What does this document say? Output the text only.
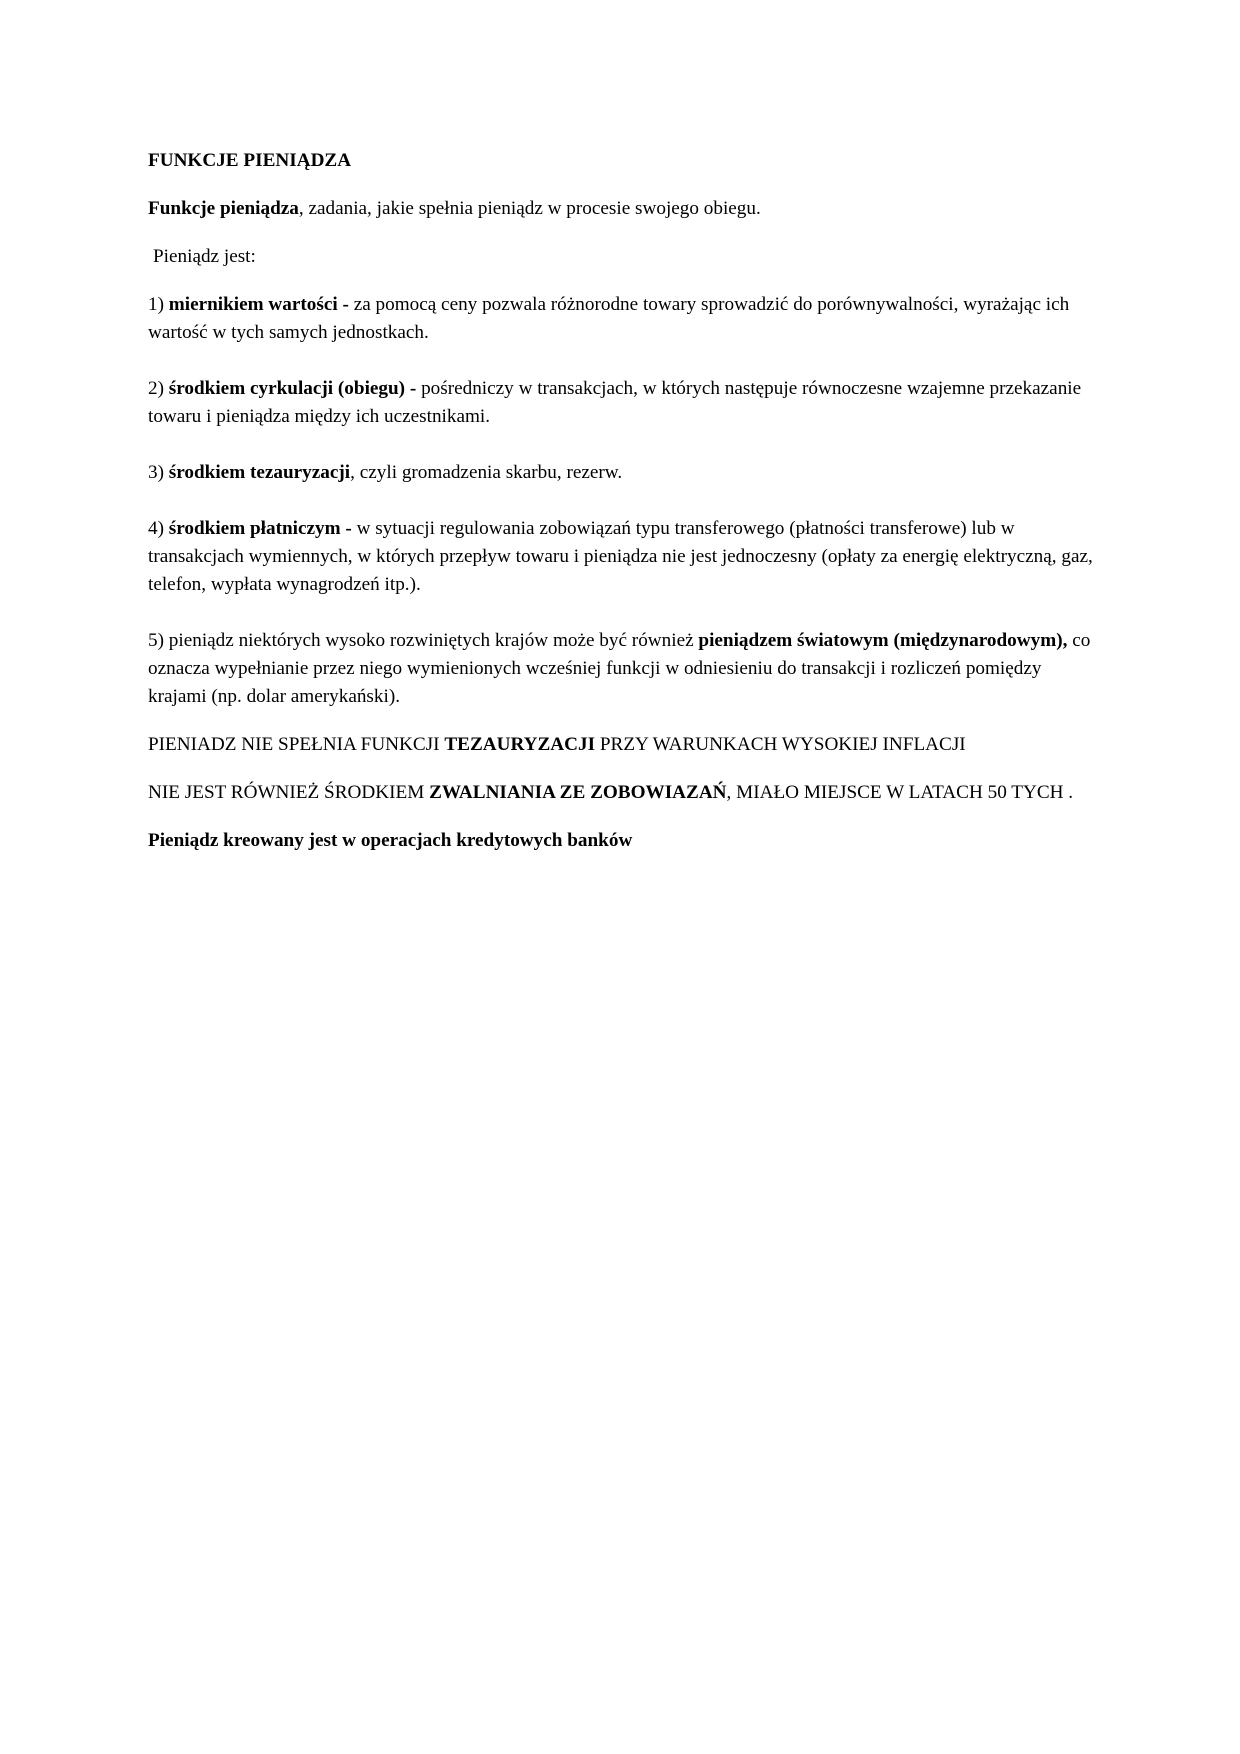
FUNKCJE PIENIĄDZA

Funkcje pieniądza, zadania, jakie spełnia pieniądz w procesie swojego obiegu.

Pieniądz jest:

1) miernikiem wartości - za pomocą ceny pozwala różnorodne towary sprowadzić do porównywalności, wyrażając ich wartość w tych samych jednostkach.

2) środkiem cyrkulacji (obiegu) - pośredniczy w transakcjach, w których następuje równoczesne wzajemne przekazanie towaru i pieniądza między ich uczestnikami.

3) środkiem tezauryzacji, czyli gromadzenia skarbu, rezerw.

4) środkiem płatniczym - w sytuacji regulowania zobowiązań typu transferowego (płatności transferowe) lub w transakcjach wymiennych, w których przepływ towaru i pieniądza nie jest jednoczesny (opłaty za energię elektryczną, gaz, telefon, wypłata wynagrodzeń itp.).

5) pieniądz niektórych wysoko rozwiniętych krajów może być również pieniądzem światowym (międzynarodowym), co oznacza wypełnianie przez niego wymienionych wcześniej funkcji w odniesieniu do transakcji i rozliczeń pomiędzy krajami (np. dolar amerykański).

PIENIADZ NIE SPEŁNIA FUNKCJI TEZAURYZACJI PRZY WARUNKACH WYSOKIEJ INFLACJI

NIE JEST RÓWNIEŻ ŚRODKIEM ZWALNIANIA ZE ZOBOWIAZAŃ, MIAŁO MIEJSCE W LATACH 50 TYCH .

Pieniądz kreowany jest w operacjach kredytowych banków
